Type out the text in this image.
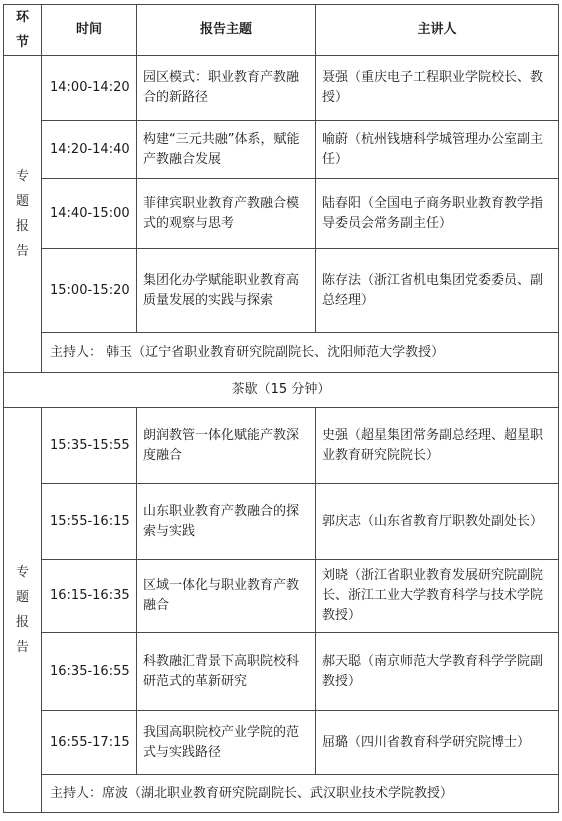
环节	时间	报告主题	主讲人
专题报告	14:00-14:20	园区模式：职业教育产教融合的新路径	聂强（重庆电子工程职业学院校长、教授）
	14:20-14:40	构建“三元共融”体系，赋能产教融合发展	喻蔚（杭州钱塘科学城管理办公室副主任）
	14:40-15:00	菲律宾职业教育产教融合模式的观察与思考	陆春阳（全国电子商务职业教育教学指导委员会常务副主任）
	15:00-15:20	集团化办学赋能职业教育高质量发展的实践与探索	陈存法（浙江省机电集团党委委员、副总经理）
	主持人： 韩玉（辽宁省职业教育研究院副院长、沈阳师范大学教授）		
茶歇（15 分钟）			
专题报告	15:35-15:55	朗润教管一体化赋能产教深度融合	史强（超星集团常务副总经理、超星职业教育研究院院长）
	15:55-16:15	山东职业教育产教融合的探索与实践	郭庆志（山东省教育厅职教处副处长）
	16:15-16:35	区域一体化与职业教育产教融合	刘晓（浙江省职业教育发展研究院副院长、浙江工业大学教育科学与技术学院教授）
	16:35-16:55	科教融汇背景下高职院校科研范式的革新研究	郝天聪（南京师范大学教育科学学院副教授）
	16:55-17:15	我国高职院校产业学院的范式与实践路径	屈璐（四川省教育科学研究院博士）
	主持人：席波（湖北职业教育研究院副院长、武汉职业技术学院教授）		
